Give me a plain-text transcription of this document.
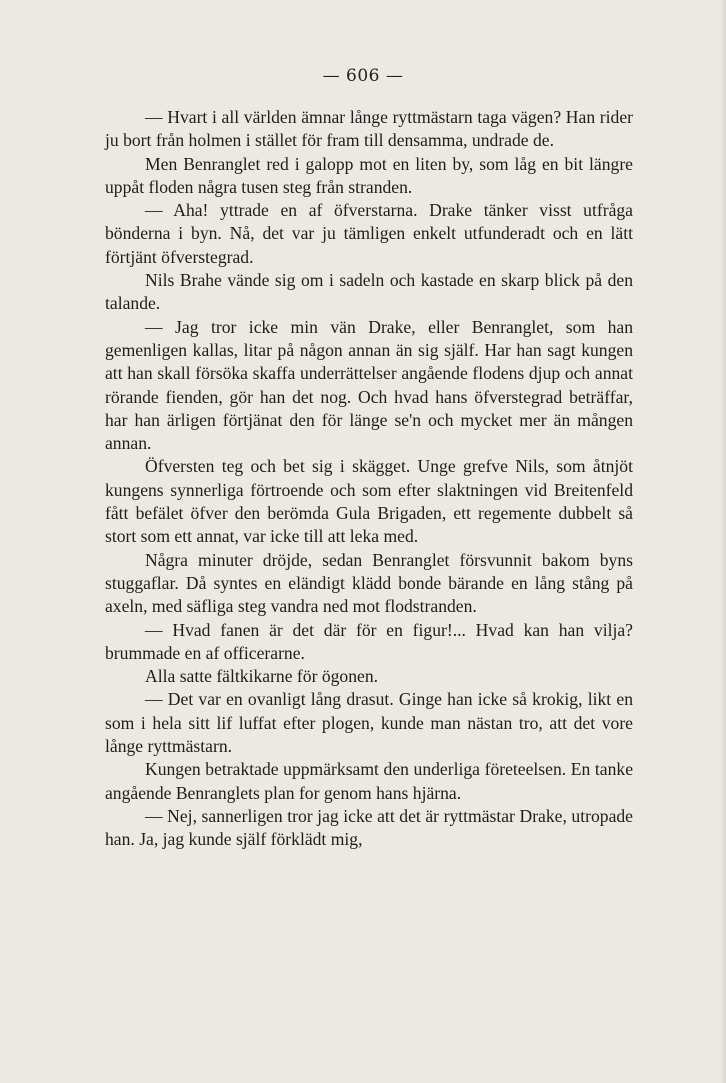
— 606 —

— Hvart i all världen ämnar långe ryttmästarn taga vägen? Han rider ju bort från holmen i stället för fram till densamma, undrade de.

Men Benranglet red i galopp mot en liten by, som låg en bit längre uppåt floden några tusen steg från stranden.

— Aha! yttrade en af öfverstarna. Drake tänker visst utfråga bönderna i byn. Nå, det var ju tämligen enkelt utfunderadt och en lätt förtjänt öfverstegrad.

Nils Brahe vände sig om i sadeln och kastade en skarp blick på den talande.

— Jag tror icke min vän Drake, eller Benranglet, som han gemenligen kallas, litar på någon annan än sig själf. Har han sagt kungen att han skall försöka skaffa underrättelser angående flodens djup och annat rörande fienden, gör han det nog. Och hvad hans öfverstegrad beträffar, har han ärligen förtjänat den för länge se'n och mycket mer än mången annan.

Öfversten teg och bet sig i skägget. Unge grefve Nils, som åtnjöt kungens synnerliga förtroende och som efter slaktningen vid Breitenfeld fått befälet öfver den berömda Gula Brigaden, ett regemente dubbelt så stort som ett annat, var icke till att leka med.

Några minuter dröjde, sedan Benranglet försvunnit bakom byns stuggaflar. Då syntes en eländigt klädd bonde bärande en lång stång på axeln, med säfliga steg vandra ned mot flodstranden.

— Hvad fanen är det där för en figur!... Hvad kan han vilja? brummade en af officerarne.

Alla satte fältkikarne för ögonen.

— Det var en ovanligt lång drasut. Ginge han icke så krokig, likt en som i hela sitt lif luffat efter plogen, kunde man nästan tro, att det vore långe ryttmästarn.

Kungen betraktade uppmärksamt den underliga företeelsen. En tanke angående Benranglets plan for genom hans hjärna.

— Nej, sannerligen tror jag icke att det är ryttmästar Drake, utropade han. Ja, jag kunde själf förklädt mig,
